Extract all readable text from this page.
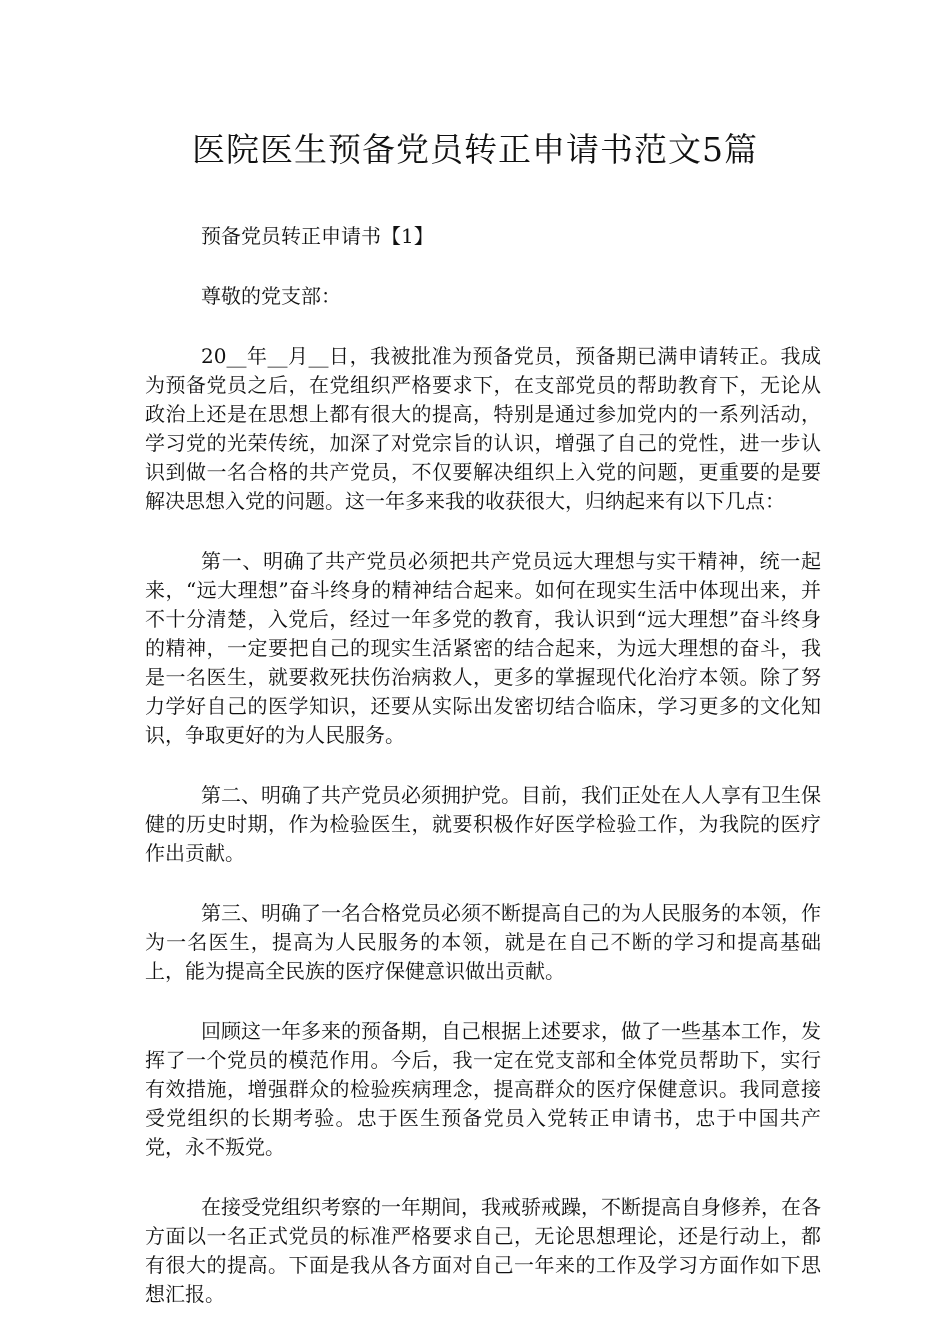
医院医生预备党员转正申请书范文5篇

预备党员转正申请书【1】

尊敬的党支部：

20__年__月__日，我被批准为预备党员，预备期已满申请转正。我成为预备党员之后，在党组织严格要求下，在支部党员的帮助教育下，无论从政治上还是在思想上都有很大的提高，特别是通过参加党内的一系列活动，学习党的光荣传统，加深了对党宗旨的认识，增强了自己的党性，进一步认识到做一名合格的共产党员，不仅要解决组织上入党的问题，更重要的是要解决思想入党的问题。这一年多来我的收获很大，归纳起来有以下几点：

第一、明确了共产党员必须把共产党员远大理想与实干精神，统一起来，“远大理想”奋斗终身的精神结合起来。如何在现实生活中体现出来，并不十分清楚，入党后，经过一年多党的教育，我认识到“远大理想”奋斗终身的精神，一定要把自己的现实生活紧密的结合起来，为远大理想的奋斗，我是一名医生，就要救死扶伤治病救人，更多的掌握现代化治疗本领。除了努力学好自己的医学知识，还要从实际出发密切结合临床，学习更多的文化知识，争取更好的为人民服务。

第二、明确了共产党员必须拥护党。目前，我们正处在人人享有卫生保健的历史时期，作为检验医生，就要积极作好医学检验工作，为我院的医疗作出贡献。

第三、明确了一名合格党员必须不断提高自己的为人民服务的本领，作为一名医生，提高为人民服务的本领，就是在自己不断的学习和提高基础上，能为提高全民族的医疗保健意识做出贡献。

回顾这一年多来的预备期，自己根据上述要求，做了一些基本工作，发挥了一个党员的模范作用。今后，我一定在党支部和全体党员帮助下，实行有效措施，增强群众的检验疾病理念，提高群众的医疗保健意识。我同意接受党组织的长期考验。忠于医生预备党员入党转正申请书，忠于中国共产党，永不叛党。

在接受党组织考察的一年期间，我戒骄戒躁，不断提高自身修养，在各方面以一名正式党员的标准严格要求自己，无论思想理论，还是行动上，都有很大的提高。下面是我从各方面对自己一年来的工作及学习方面作如下思想汇报。
